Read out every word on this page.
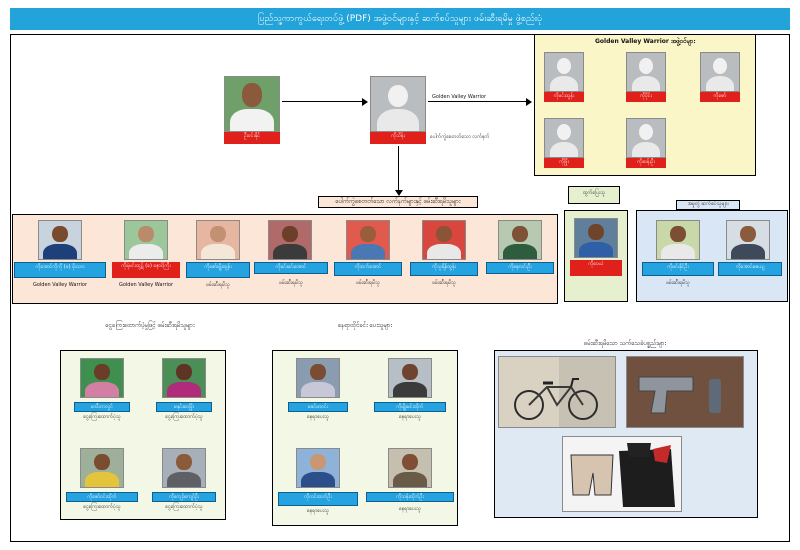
ပြည်သူ့ကာကွယ်ရေးတပ်ဖွဲ့ (PDF) အဖွဲ့ဝင်များနှင့် ဆက်စပ်သူများ ဖမ်းဆီးရမိမှု ဖွဲ့စည်းပုံ
ဦးဝင်းနိုင်	ကိုသိန်း	ပေါက်ကွဲစေတတ်သော လက်နက်
Golden Valley Warrior
Golden Valley Warrior အဖွဲ့ဝင်များ
ကိုမင်းထွန်း	ကိုဝိုင်း	ကိုဇော်
ကိုဖြိုး	ကိုဆန်းဦး
ပေါက်ကွဲစေတတ်သော လက်နက်များနှင့် ဖမ်းဆီးရမိသူများ
ကိုအောင်ကိုကို (ခ) ဖိုးသား
Golden Valley Warrior
ကိုရဲမင်းထွဋ် (ခ) နောင်ကြီး
Golden Valley Warrior
ကိုဇော်မျိုးထွန်း
ဖမ်းဆီးရမိသူ
ကိုမင်းမင်းအောင်
ဖမ်းဆီးရမိသူ
ကိုထက်အောင်
ဖမ်းဆီးရမိသူ
ကိုသူရိန်ထွန်း
ဖမ်းဆီးရမိသူ
ကိုနေလင်းဦး
ထွက်ပြေးသူ
ကိုဝေယံ
အမှုတွဲ ဆက်စပ်သူများ
ကိုမင်းနိုင်ဦး
ဖမ်းဆီးရမိသူ
ကိုအောင်ဇေယျ
ငွေကြေးထောက်ပံ့မှုဖြင့် ဖမ်းဆီးရမိသူများ
မသီတာလွင်
ငွေကြေးထောက်ပံ့သူ
မနှင်းဝေဖြိုး
ငွေကြေးထောက်ပံ့သူ
ကိုဇော်ဝင်းထိုက်
ငွေကြေးထောက်ပံ့သူ
ကိုကျော်ကျော်ဦး
ငွေကြေးထောက်ပံ့သူ
နေရာထိုင်ခင်း ပေးသူများ
မခင်မာဝင်း
နေရာပေးသူ
ကိုမျိုးမင်းထိုက်
နေရာပေးသူ
ကိုလင်းထက်ဦး
နေရာပေးသူ
ကိုသန်းထိုက်ဦး
နေရာပေးသူ
ဖမ်းဆီးရမိသော သက်သေခံပစ္စည်းများ
